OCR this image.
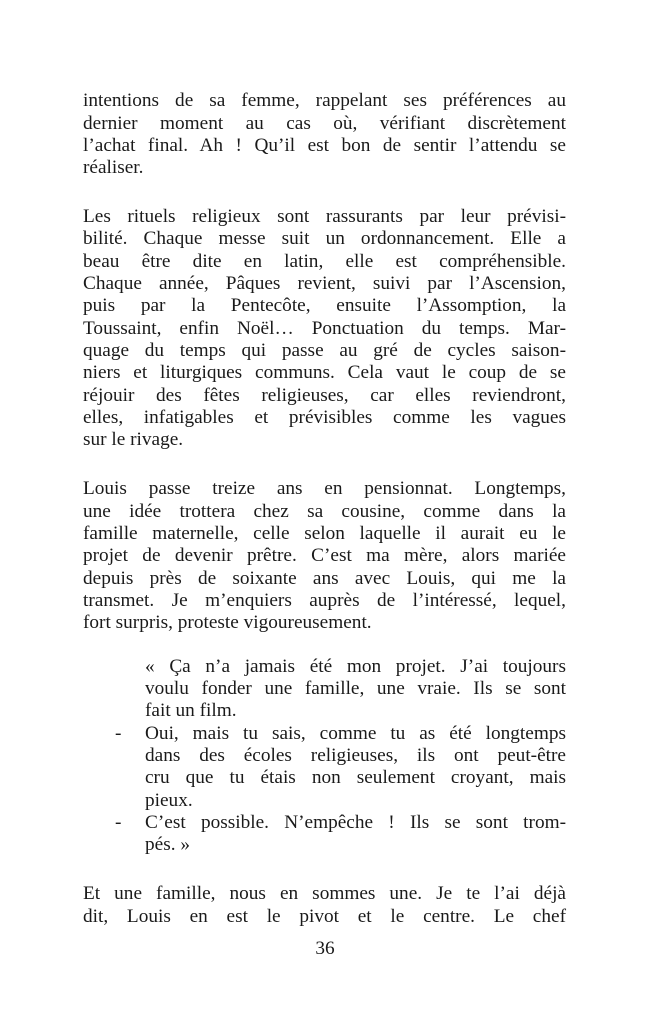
intentions de sa femme, rappelant ses préférences au
dernier moment au cas où, vérifiant discrètement
l’achat final. Ah ! Qu’il est bon de sentir l’attendu se
réaliser.
Les rituels religieux sont rassurants par leur prévisi-
bilité. Chaque messe suit un ordonnancement. Elle a
beau être dite en latin, elle est compréhensible.
Chaque année, Pâques revient, suivi par l’Ascension,
puis par la Pentecôte, ensuite l’Assomption, la
Toussaint, enfin Noël… Ponctuation du temps. Mar-
quage du temps qui passe au gré de cycles saison-
niers et liturgiques communs. Cela vaut le coup de se
réjouir des fêtes religieuses, car elles reviendront,
elles, infatigables et prévisibles comme les vagues
sur le rivage.
Louis passe treize ans en pensionnat. Longtemps,
une idée trottera chez sa cousine, comme dans la
famille maternelle, celle selon laquelle il aurait eu le
projet de devenir prêtre. C’est ma mère, alors mariée
depuis près de soixante ans avec Louis, qui me la
transmet. Je m’enquiers auprès de l’intéressé, lequel,
fort surpris, proteste vigoureusement.
« Ça n’a jamais été mon projet. J’ai toujours
voulu fonder une famille, une vraie. Ils se sont
fait un film.
- Oui, mais tu sais, comme tu as été longtemps
dans des écoles religieuses, ils ont peut-être
cru que tu étais non seulement croyant, mais
pieux.
- C’est possible. N’empêche ! Ils se sont trom-
pés. »
Et une famille, nous en sommes une. Je te l’ai déjà
dit, Louis en est le pivot et le centre. Le chef
36
